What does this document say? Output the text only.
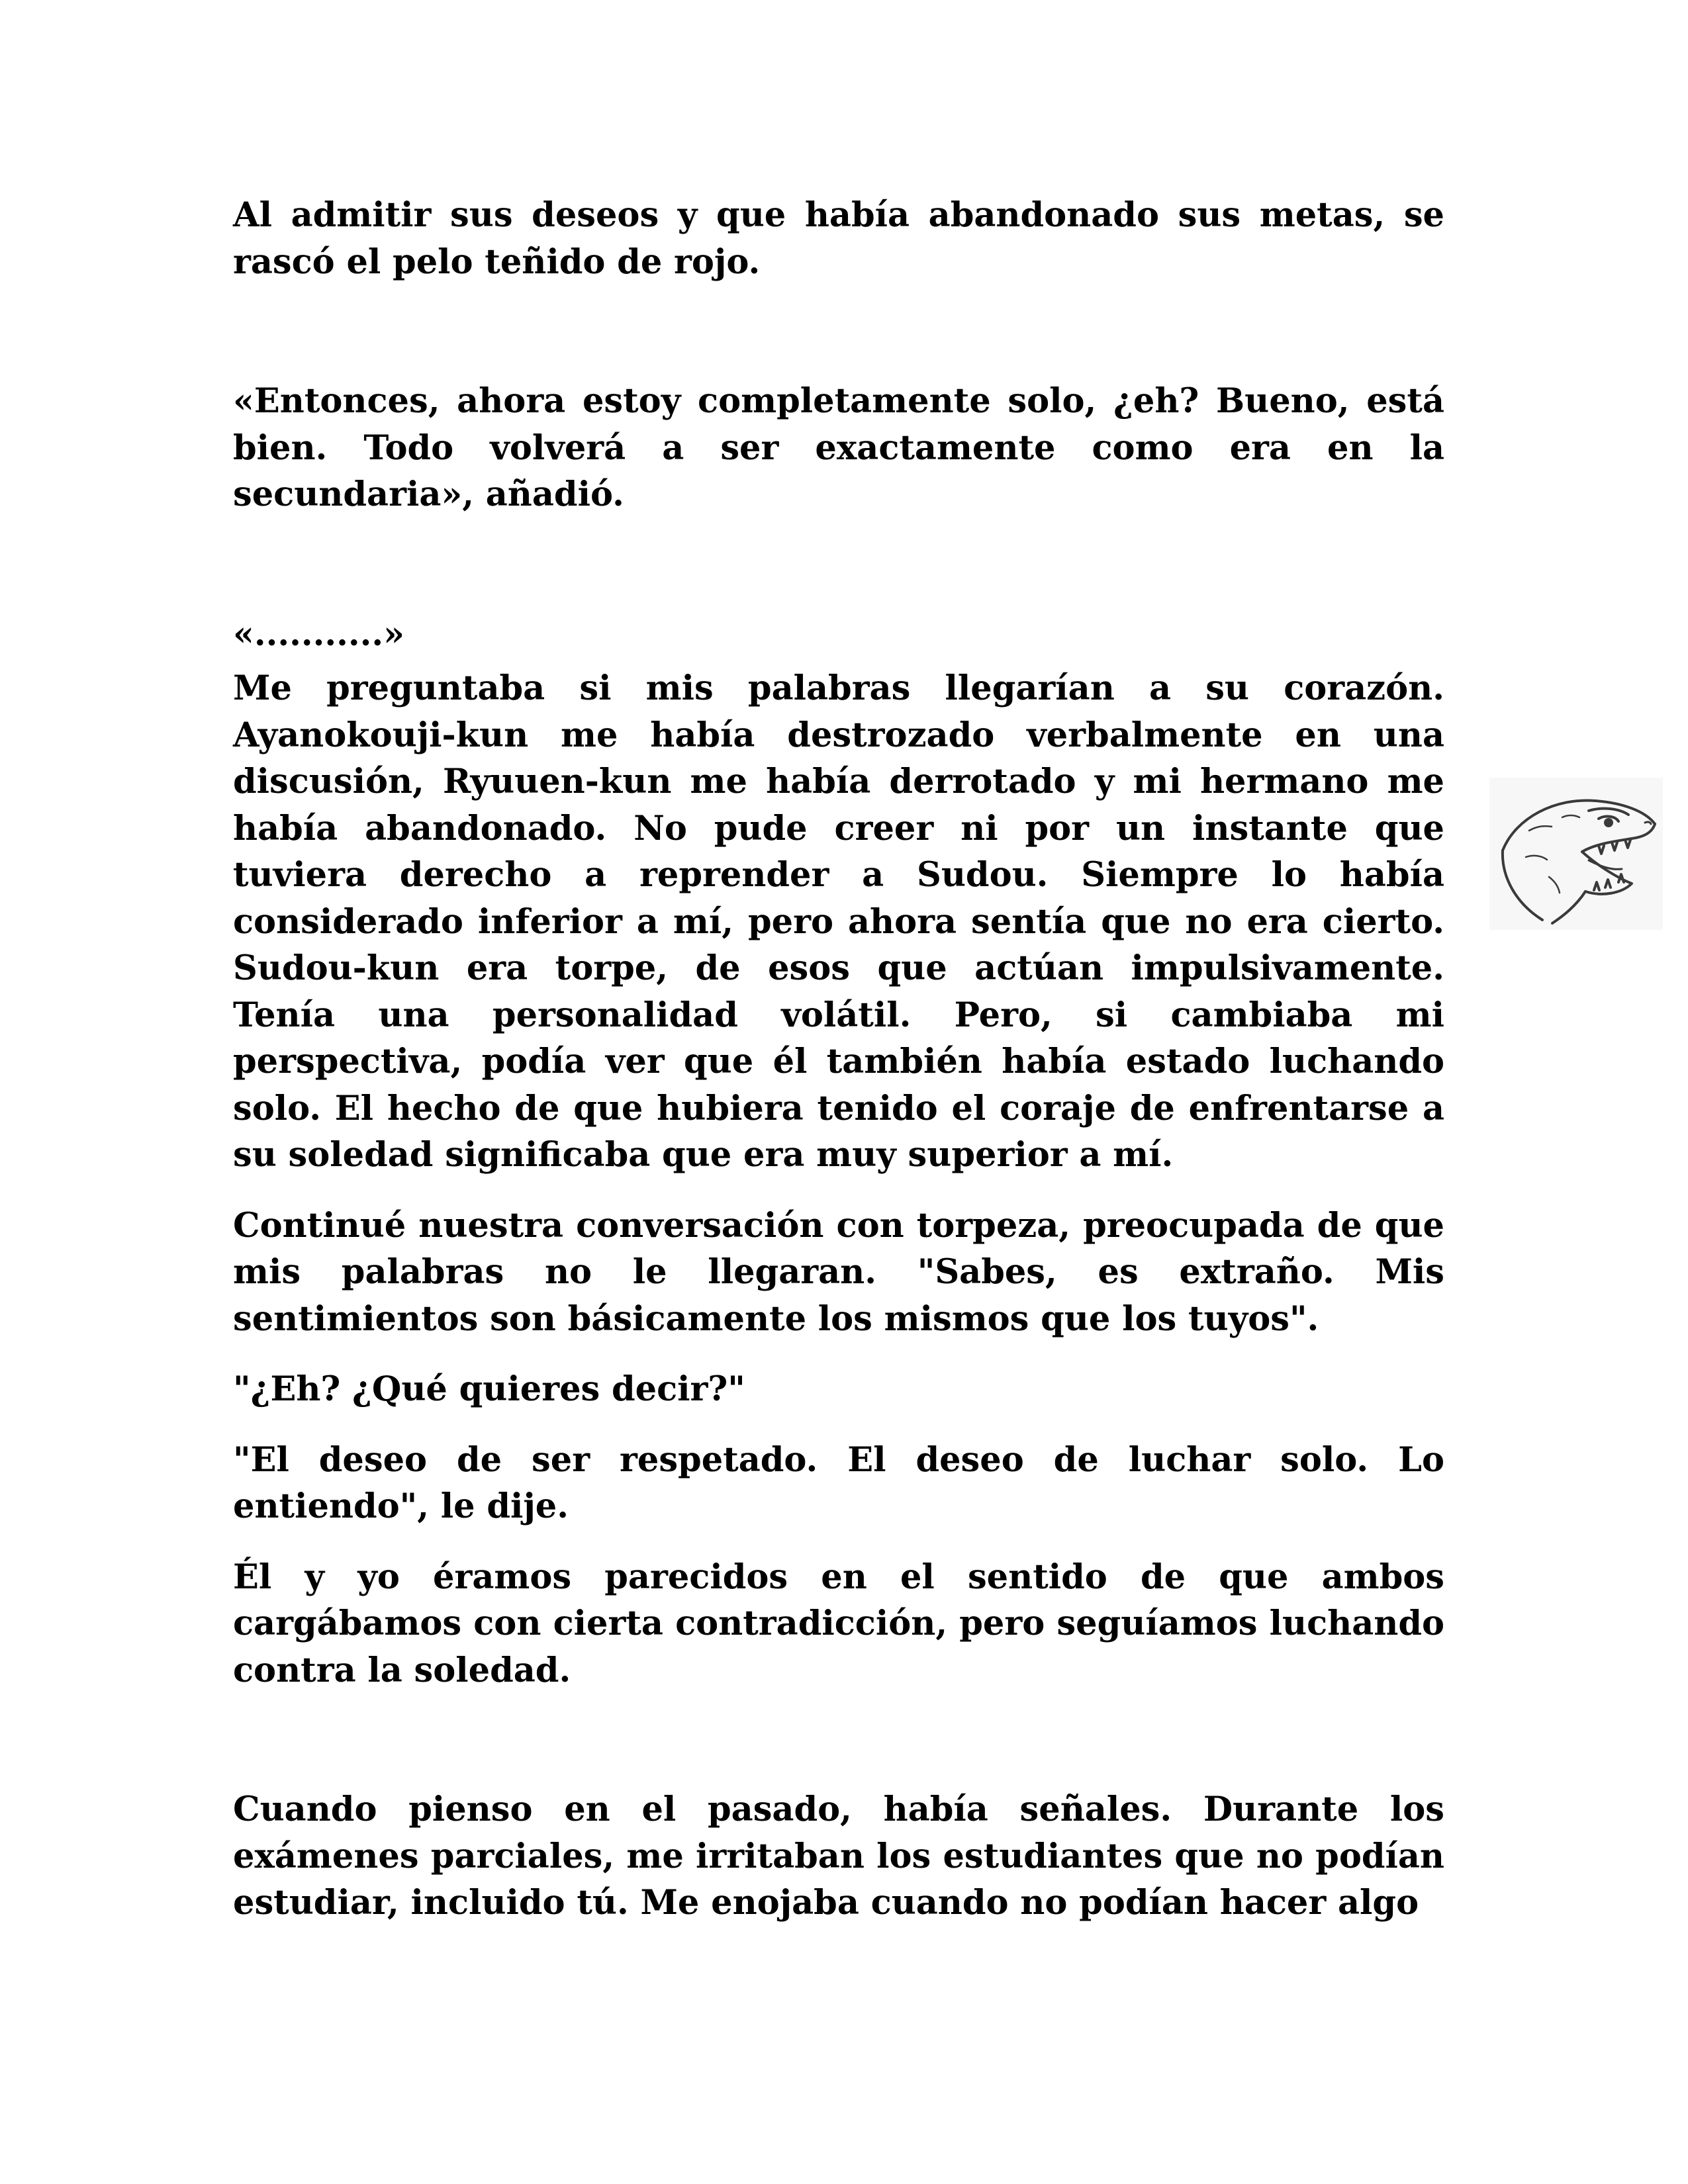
Al admitir sus deseos y que había abandonado sus metas, se rascó el pelo teñido de rojo.

«Entonces, ahora estoy completamente solo, ¿eh? Bueno, está bien. Todo volverá a ser exactamente como era en la secundaria», añadió.

«...........»

Me preguntaba si mis palabras llegarían a su corazón. Ayanokouji-kun me había destrozado verbalmente en una discusión, Ryuuen-kun me había derrotado y mi hermano me había abandonado. No pude creer ni por un instante que tuviera derecho a reprender a Sudou. Siempre lo había considerado inferior a mí, pero ahora sentía que no era cierto. Sudou-kun era torpe, de esos que actúan impulsivamente. Tenía una personalidad volátil. Pero, si cambiaba mi perspectiva, podía ver que él también había estado luchando solo. El hecho de que hubiera tenido el coraje de enfrentarse a su soledad significaba que era muy superior a mí.

Continué nuestra conversación con torpeza, preocupada de que mis palabras no le llegaran. "Sabes, es extraño. Mis sentimientos son básicamente los mismos que los tuyos".

"¿Eh? ¿Qué quieres decir?"

"El deseo de ser respetado. El deseo de luchar solo. Lo entiendo", le dije.

Él y yo éramos parecidos en el sentido de que ambos cargábamos con cierta contradicción, pero seguíamos luchando contra la soledad.

Cuando pienso en el pasado, había señales. Durante los exámenes parciales, me irritaban los estudiantes que no podían estudiar, incluido tú. Me enojaba cuando no podían hacer algo
